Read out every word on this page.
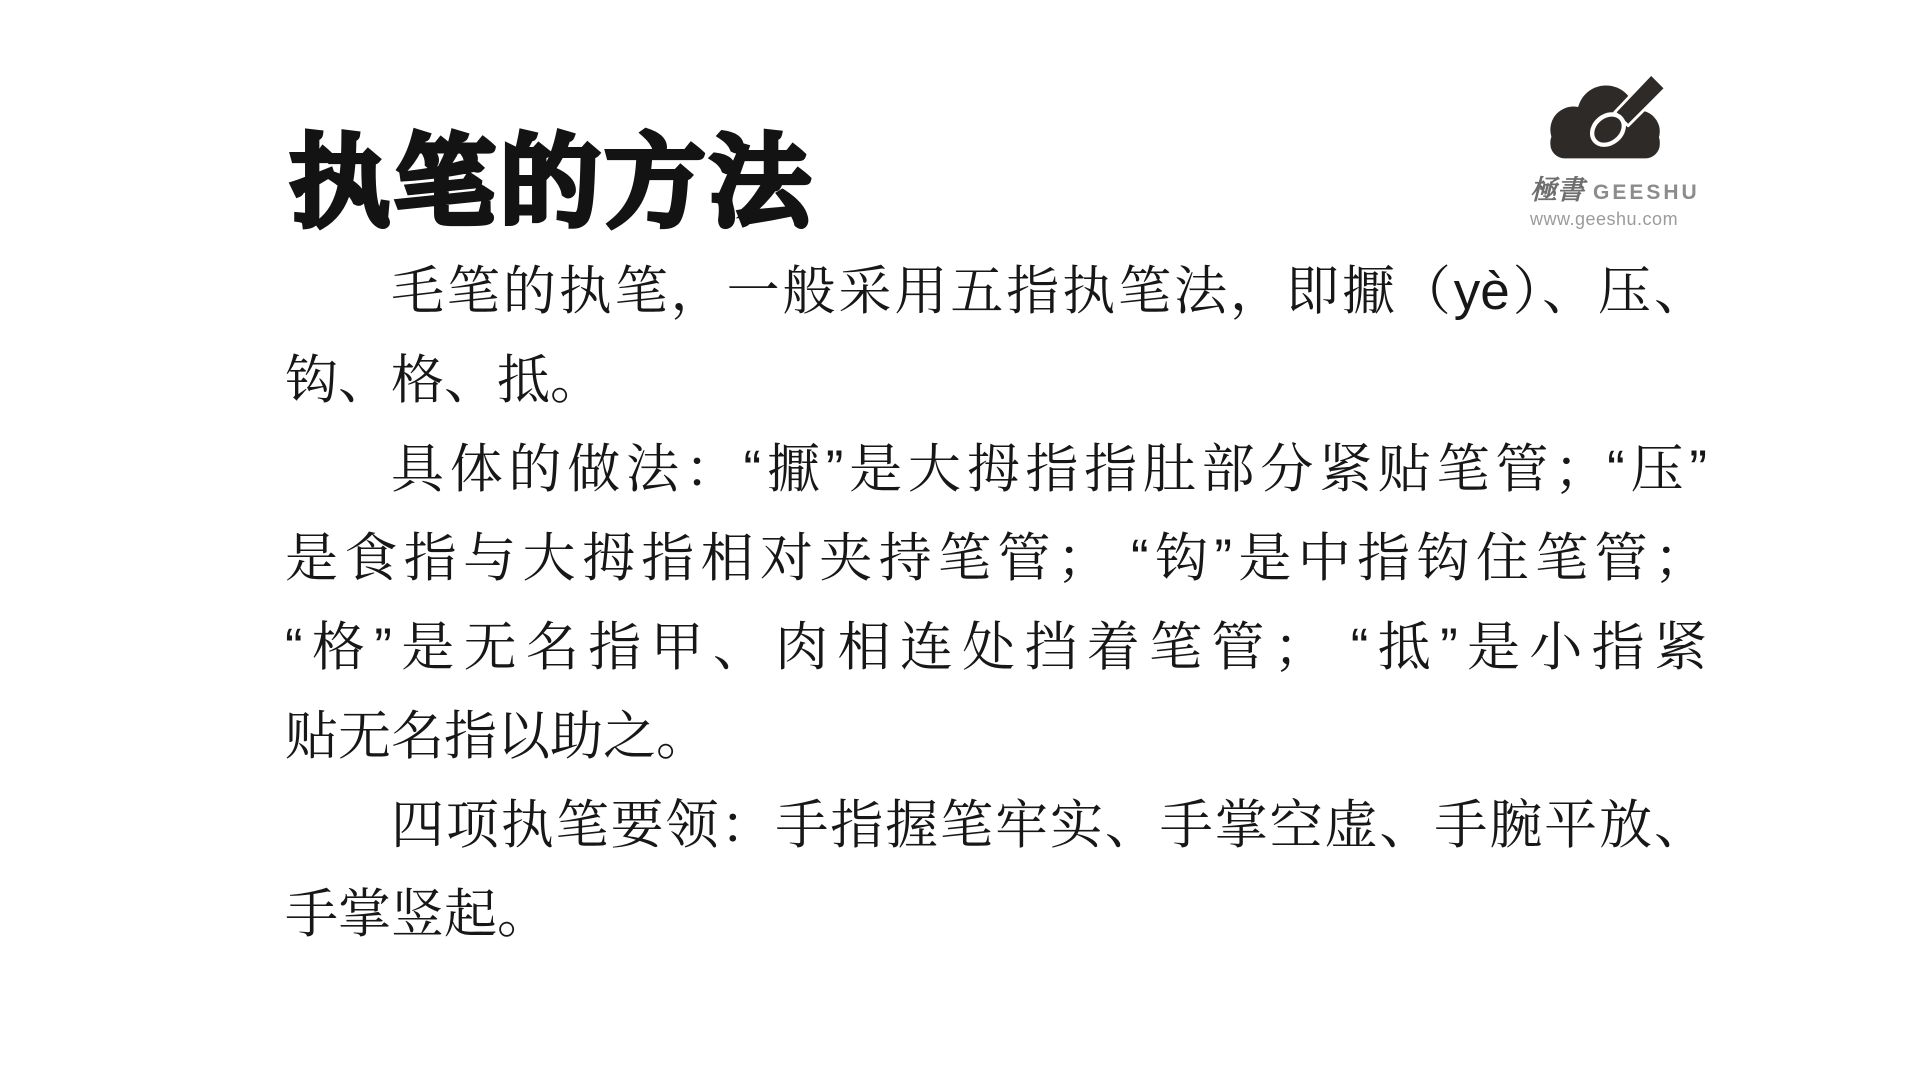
执笔的方法	極書 GEESHU
www.geeshu.com
毛笔的执笔，一般采用五指执笔法，即擫（yè）、压、
钩、格、抵。
具体的做法：“擫”是大拇指指肚部分紧贴笔管；“压”
是食指与大拇指相对夹持笔管； “钩”是中指钩住笔管；
“格”是无名指甲、肉相连处挡着笔管； “抵”是小指紧
贴无名指以助之。
四项执笔要领：手指握笔牢实、手掌空虚、手腕平放、
手掌竖起。
